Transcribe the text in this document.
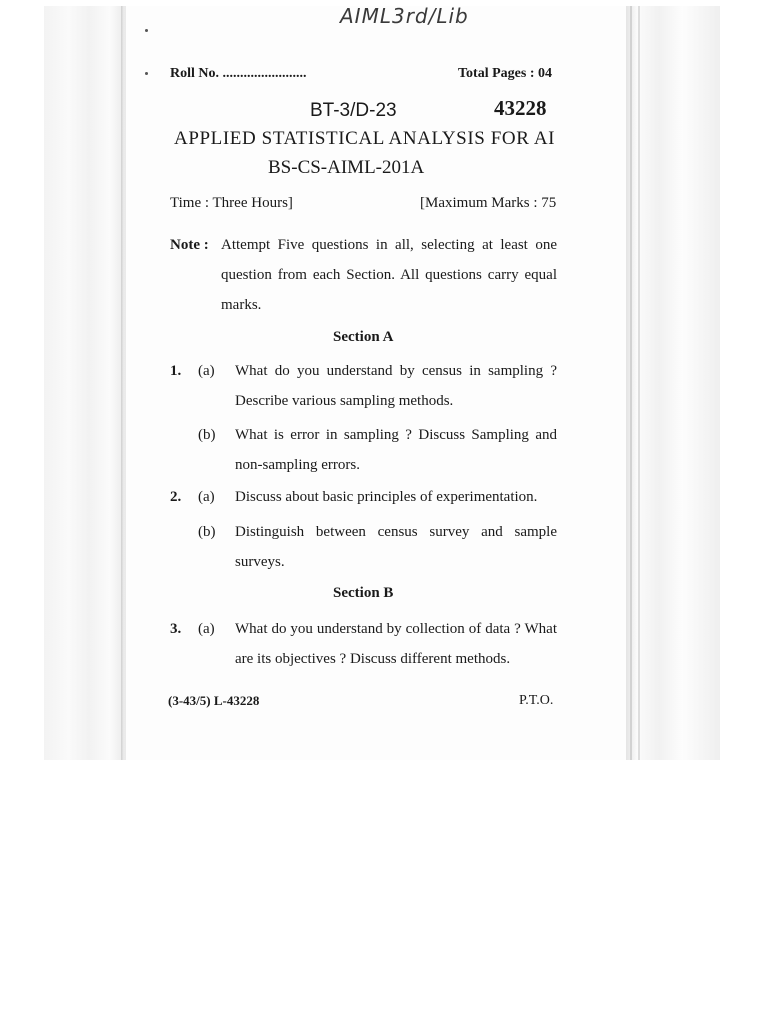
AIML3rd/Lib
Roll No. ........................	Total Pages : 04
BT-3/D-23	43228
APPLIED STATISTICAL ANALYSIS FOR AI
BS-CS-AIML-201A
Time : Three Hours]	[Maximum Marks : 75
Note : Attempt Five questions in all, selecting at least one question from each Section. All questions carry equal marks.
Section A
1. (a) What do you understand by census in sampling ? Describe various sampling methods.
(b) What is error in sampling ? Discuss Sampling and non-sampling errors.
2. (a) Discuss about basic principles of experimentation.
(b) Distinguish between census survey and sample surveys.
Section B
3. (a) What do you understand by collection of data ? What are its objectives ? Discuss different methods.
(3-43/5) L-43228	P.T.O.
